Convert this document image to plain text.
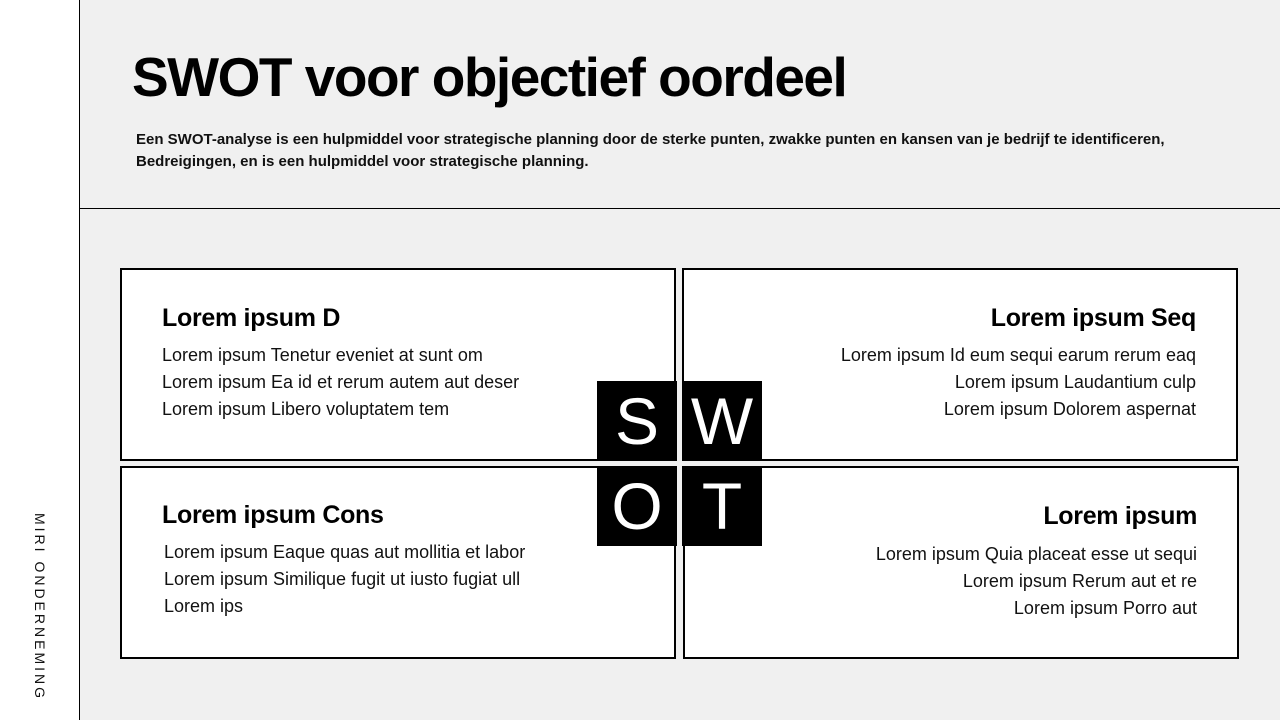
MIRI ONDERNEMING
SWOT voor objectief oordeel

Een SWOT-analyse is een hulpmiddel voor strategische planning door de sterke punten, zwakke punten en kansen van je bedrijf te identificeren, Bedreigingen, en is een hulpmiddel voor strategische planning.

Lorem ipsum D
Lorem ipsum Tenetur eveniet at sunt om
Lorem ipsum Ea id et rerum autem aut deser
Lorem ipsum Libero voluptatem tem
Lorem ipsum Seq
Lorem ipsum Id eum sequi earum rerum eaq
Lorem ipsum Laudantium culp
Lorem ipsum Dolorem aspernat
Lorem ipsum Cons
Lorem ipsum Eaque quas aut mollitia et labor
Lorem ipsum Similique fugit ut iusto fugiat ull
Lorem ips
Lorem ipsum
Lorem ipsum Quia placeat esse ut sequi
Lorem ipsum Rerum aut et re
Lorem ipsum Porro aut
S W
O T
